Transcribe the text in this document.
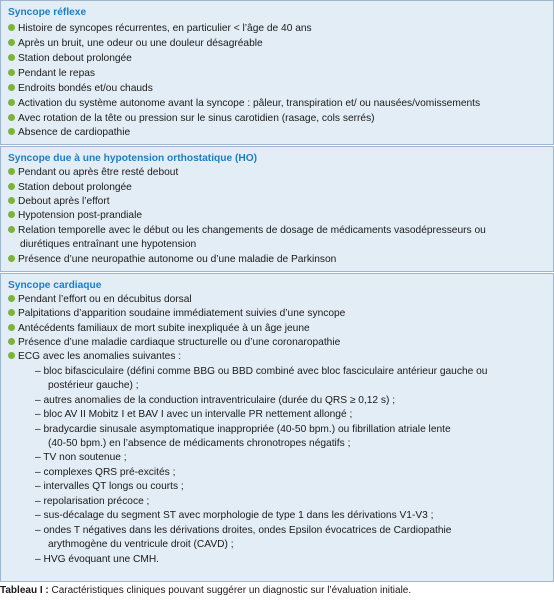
Syncope réflexe
Histoire de syncopes récurrentes, en particulier < l’âge de 40 ans
Après un bruit, une odeur ou une douleur désagréable
Station debout prolongée
Pendant le repas
Endroits bondés et/ou chauds
Activation du système autonome avant la syncope : pâleur, transpiration et/ ou nausées/vomissements
Avec rotation de la tête ou pression sur le sinus carotidien (rasage, cols serrés)
Absence de cardiopathie
Syncope due à une hypotension orthostatique (HO)
Pendant ou après être resté debout
Station debout prolongée
Debout après l’effort
Hypotension post-prandiale
Relation temporelle avec le début ou les changements de dosage de médicaments vasodépresseurs ou
diurétiques entraînant une hypotension
Présence d’une neuropathie autonome ou d’une maladie de Parkinson
Syncope cardiaque
Pendant l’effort ou en décubitus dorsal
Palpitations d’apparition soudaine immédiatement suivies d’une syncope
Antécédents familiaux de mort subite inexpliquée à un âge jeune
Présence d’une maladie cardiaque structurelle ou d’une coronaropathie
ECG avec les anomalies suivantes :
– bloc bifasciculaire (défini comme BBG ou BBD combiné avec bloc fasciculaire antérieur gauche ou
postérieur gauche) ;
– autres anomalies de la conduction intraventriculaire (durée du QRS ≥ 0,12 s) ;
– bloc AV II Mobitz I et BAV I avec un intervalle PR nettement allongé ;
– bradycardie sinusale asymptomatique inappropriée (40-50 bpm.) ou fibrillation atriale lente
(40-50 bpm.) en l’absence de médicaments chronotropes négatifs ;
– TV non soutenue ;
– complexes QRS pré-excités ;
– intervalles QT longs ou courts ;
– repolarisation précoce ;
– sus-décalage du segment ST avec morphologie de type 1 dans les dérivations V1-V3 ;
– ondes T négatives dans les dérivations droites, ondes Epsilon évocatrices de Cardiopathie
arythmogène du ventricule droit (CAVD) ;
– HVG évoquant une CMH.
Tableau I : Caractéristiques cliniques pouvant suggérer un diagnostic sur l’évaluation initiale.
